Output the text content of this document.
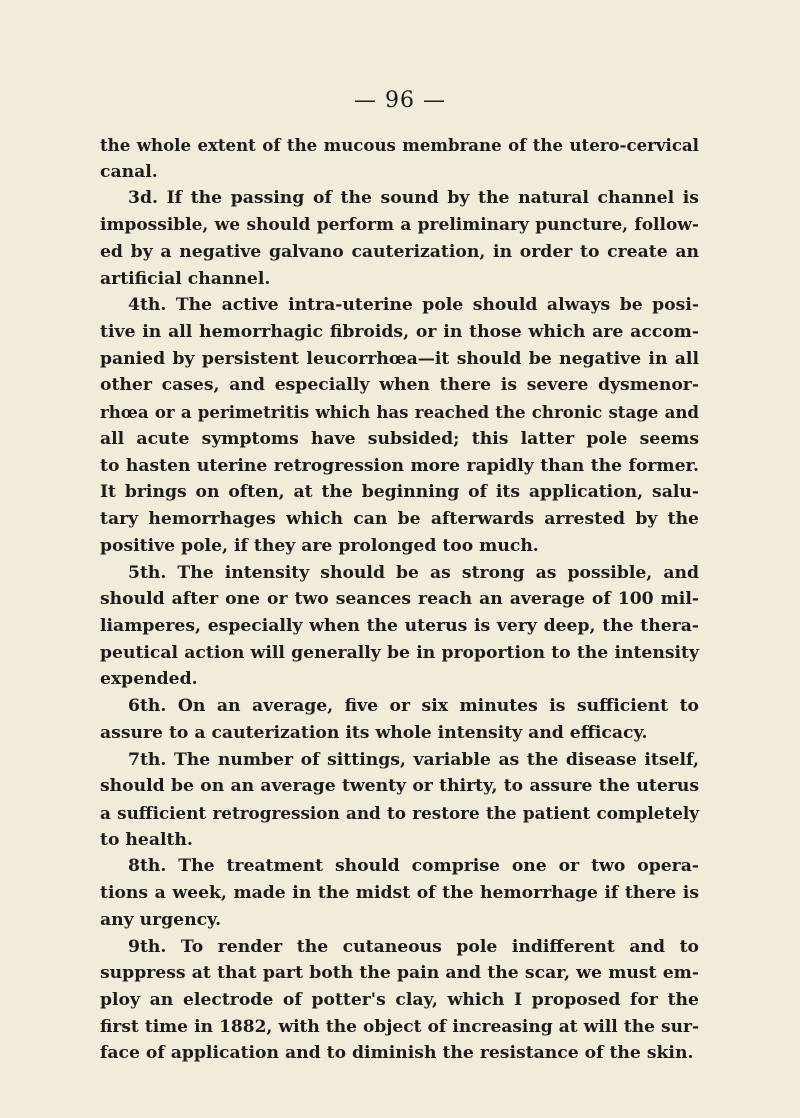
— 96 —
the whole extent of the mucous membrane of the utero-cervical
canal.
3d. If the passing of the sound by the natural channel is
impossible, we should perform a preliminary puncture, follow-
ed by a negative galvano cauterization, in order to create an
artificial channel.
4th. The active intra-uterine pole should always be posi-
tive in all hemorrhagic fibroids, or in those which are accom-
panied by persistent leucorrhœa—it should be negative in all
other cases, and especially when there is severe dysmenor-
rhœa or a perimetritis which has reached the chronic stage and
all acute symptoms have subsided; this latter pole seems
to hasten uterine retrogression more rapidly than the former.
It brings on often, at the beginning of its application, salu-
tary hemorrhages which can be afterwards arrested by the
positive pole, if they are prolonged too much.
5th. The intensity should be as strong as possible, and
should after one or two seances reach an average of 100 mil-
liamperes, especially when the uterus is very deep, the thera-
peutical action will generally be in proportion to the intensity
expended.
6th. On an average, five or six minutes is sufficient to
assure to a cauterization its whole intensity and efficacy.
7th. The number of sittings, variable as the disease itself,
should be on an average twenty or thirty, to assure the uterus
a sufficient retrogression and to restore the patient completely
to health.
8th. The treatment should comprise one or two opera-
tions a week, made in the midst of the hemorrhage if there is
any urgency.
9th. To render the cutaneous pole indifferent and to
suppress at that part both the pain and the scar, we must em-
ploy an electrode of potter's clay, which I proposed for the
first time in 1882, with the object of increasing at will the sur-
face of application and to diminish the resistance of the skin.
